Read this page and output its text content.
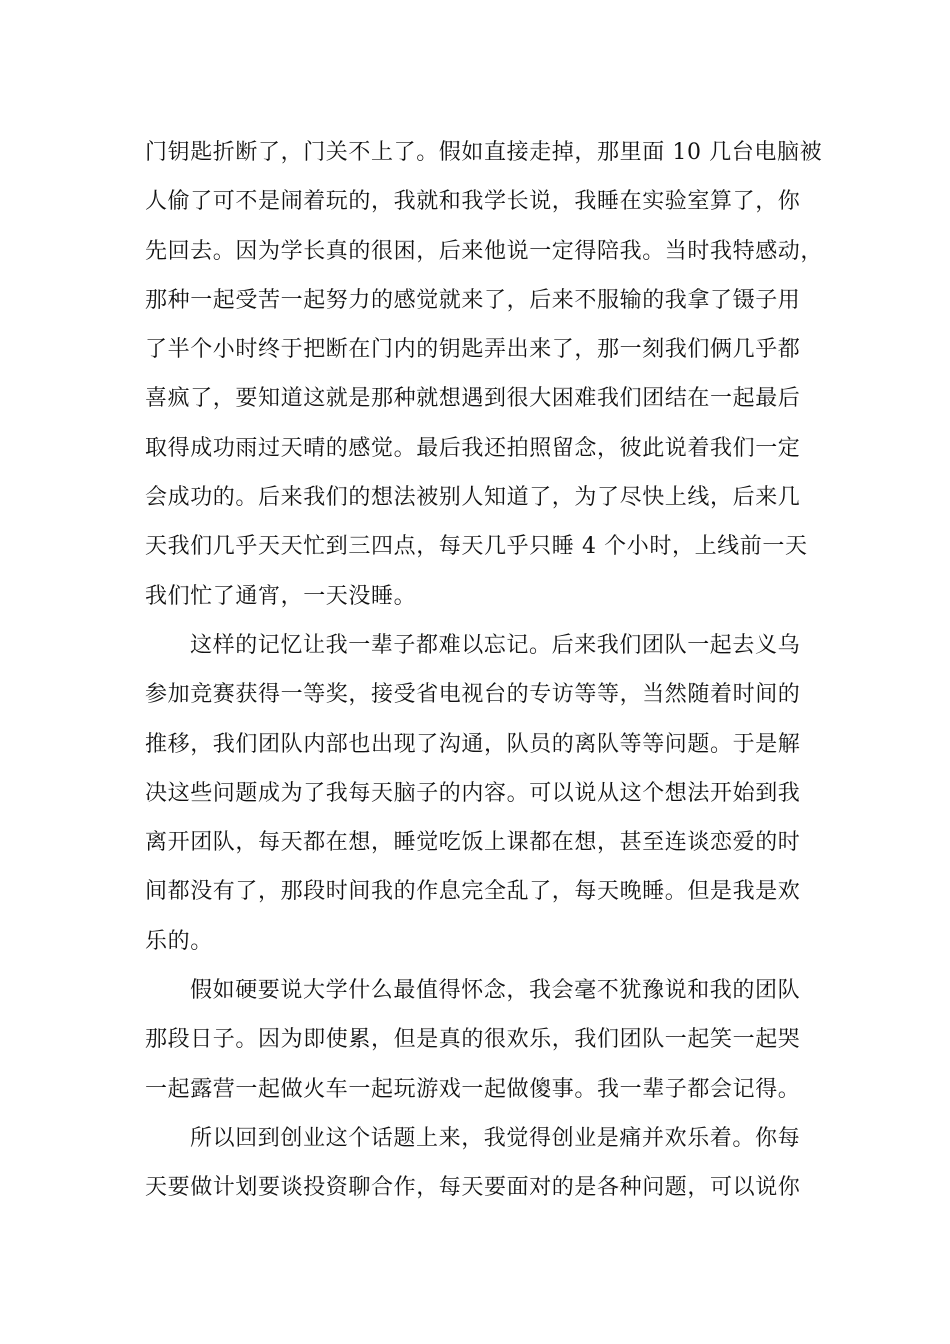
门钥匙折断了，门关不上了。假如直接走掉，那里面 10 几台电脑被
人偷了可不是闹着玩的，我就和我学长说，我睡在实验室算了，你
先回去。因为学长真的很困，后来他说一定得陪我。当时我特感动，
那种一起受苦一起努力的感觉就来了，后来不服输的我拿了镊子用
了半个小时终于把断在门内的钥匙弄出来了，那一刻我们俩几乎都
喜疯了，要知道这就是那种就想遇到很大困难我们团结在一起最后
取得成功雨过天晴的感觉。最后我还拍照留念，彼此说着我们一定
会成功的。后来我们的想法被别人知道了，为了尽快上线，后来几
天我们几乎天天忙到三四点，每天几乎只睡 4 个小时，上线前一天
我们忙了通宵，一天没睡。
这样的记忆让我一辈子都难以忘记。后来我们团队一起去义乌
参加竞赛获得一等奖，接受省电视台的专访等等，当然随着时间的
推移，我们团队内部也出现了沟通，队员的离队等等问题。于是解
决这些问题成为了我每天脑子的内容。可以说从这个想法开始到我
离开团队，每天都在想，睡觉吃饭上课都在想，甚至连谈恋爱的时
间都没有了，那段时间我的作息完全乱了，每天晚睡。但是我是欢
乐的。
假如硬要说大学什么最值得怀念，我会毫不犹豫说和我的团队
那段日子。因为即使累，但是真的很欢乐，我们团队一起笑一起哭
一起露营一起做火车一起玩游戏一起做傻事。我一辈子都会记得。
所以回到创业这个话题上来，我觉得创业是痛并欢乐着。你每
天要做计划要谈投资聊合作，每天要面对的是各种问题，可以说你
